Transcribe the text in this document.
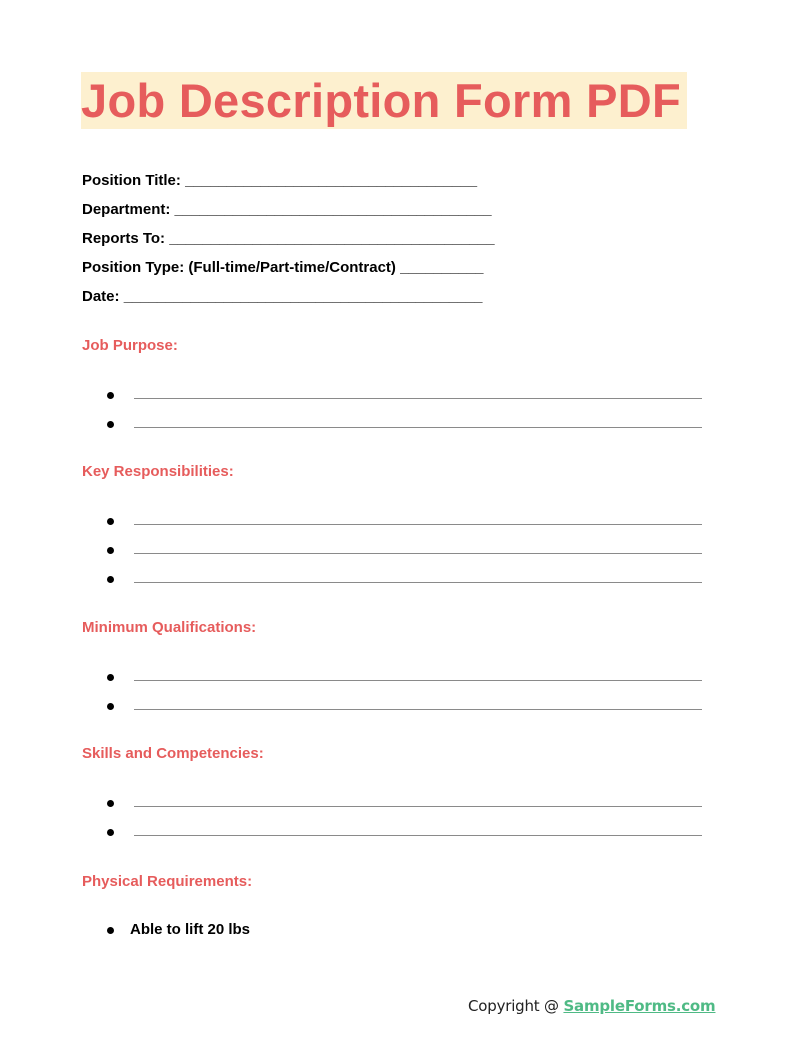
Job Description Form PDF
Position Title: ___________________________________
Department: ______________________________________
Reports To: _______________________________________
Position Type: (Full-time/Part-time/Contract) __________
Date: ___________________________________________
Job Purpose:
Key Responsibilities:
Minimum Qualifications:
Skills and Competencies:
Physical Requirements:
Able to lift 20 lbs
Copyright @ SampleForms.com
